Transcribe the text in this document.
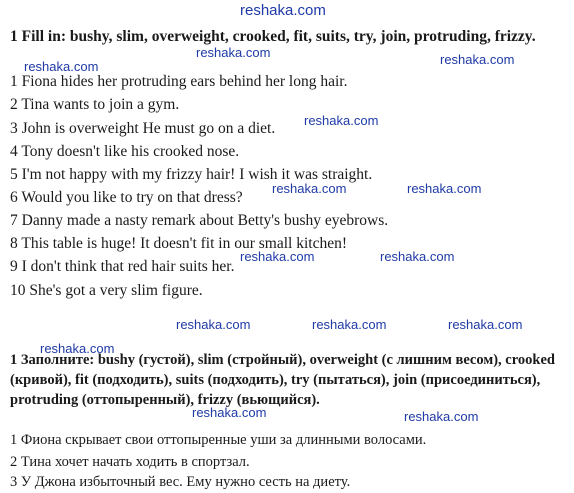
reshaka.com
reshaka.com	reshaka.com
reshaka.com
reshaka.com
reshaka.com	reshaka.com
reshaka.com	reshaka.com
reshaka.com	reshaka.com	reshaka.com
reshaka.com
reshaka.com	reshaka.com
1 Fill in: bushy, slim, overweight, crooked, fit, suits, try, join, protruding, frizzy.
1 Fiona hides her protruding ears behind her long hair.
2 Tina wants to join a gym.
3 John is overweight He must go on a diet.
4 Tony doesn't like his crooked nose.
5 I'm not happy with my frizzy hair! I wish it was straight.
6 Would you like to try on that dress?
7 Danny made a nasty remark about Betty's bushy eyebrows.
8 This table is huge! It doesn't fit in our small kitchen!
9 I don't think that red hair suits her.
10 She's got a very slim figure.
1 Заполните: bushy (густой), slim (стройный), overweight (с лишним весом), crooked (кривой), fit (подходить), suits (подходить), try (пытаться), join (присоединиться), protruding (оттопыренный), frizzy (вьющийся).
1 Фиона скрывает свои оттопыренные уши за длинными волосами.
2 Тина хочет начать ходить в спортзал.
3 У Джона избыточный вес. Ему нужно сесть на диету.
